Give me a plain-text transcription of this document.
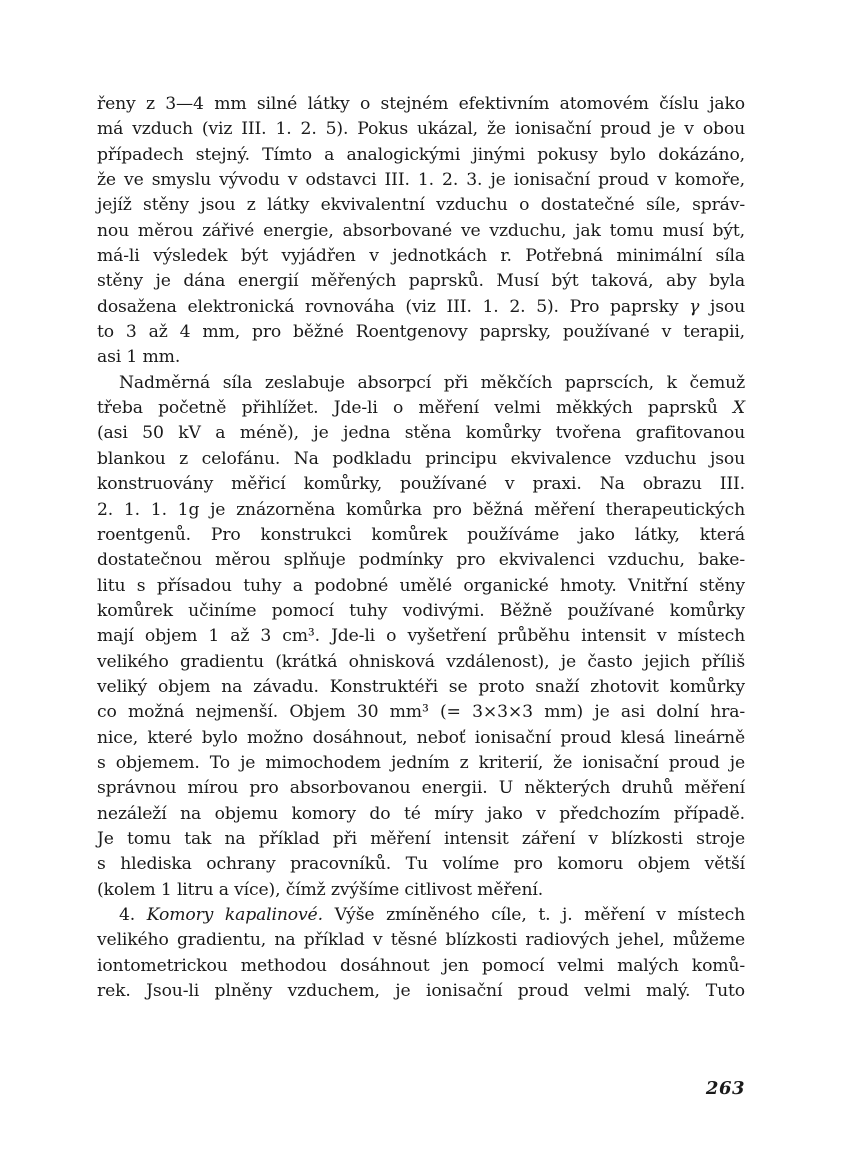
řeny z 3—4 mm silné látky o stejném efektivním atomovém číslu jako
má vzduch (viz III. 1. 2. 5). Pokus ukázal, že ionisační proud je v obou
případech stejný. Tímto a analogickými jinými pokusy bylo dokázáno,
že ve smyslu vývodu v odstavci III. 1. 2. 3. je ionisační proud v komoře,
jejíž stěny jsou z látky ekvivalentní vzduchu o dostatečné síle, správ-
nou měrou zářivé energie, absorbované ve vzduchu, jak tomu musí být,
má-li výsledek být vyjádřen v jednotkách r. Potřebná minimální síla
stěny je dána energií měřených paprsků. Musí být taková, aby byla
dosažena elektronická rovnováha (viz III. 1. 2. 5). Pro paprsky γ jsou
to 3 až 4 mm, pro běžné Roentgenovy paprsky, používané v terapii,
asi 1 mm.
Nadměrná síla zeslabuje absorpcí při měkčích paprscích, k čemuž
třeba početně přihlížet. Jde-li o měření velmi měkkých paprsků X
(asi 50 kV a méně), je jedna stěna komůrky tvořena grafitovanou
blankou z celofánu. Na podkladu principu ekvivalence vzduchu jsou
konstruovány měřicí komůrky, používané v praxi. Na obrazu III.
2. 1. 1. 1g je znázorněna komůrka pro běžná měření therapeutických
roentgenů. Pro konstrukci komůrek používáme jako látky, která
dostatečnou měrou splňuje podmínky pro ekvivalenci vzduchu, bake-
litu s přísadou tuhy a podobné umělé organické hmoty. Vnitřní stěny
komůrek učiníme pomocí tuhy vodivými. Běžně používané komůrky
mají objem 1 až 3 cm³. Jde-li o vyšetření průběhu intensit v místech
velikého gradientu (krátká ohnisková vzdálenost), je často jejich příliš
veliký objem na závadu. Konstruktéři se proto snaží zhotovit komůrky
co možná nejmenší. Objem 30 mm³ (= 3×3×3 mm) je asi dolní hra-
nice, které bylo možno dosáhnout, neboť ionisační proud klesá lineárně
s objemem. To je mimochodem jedním z kriterií, že ionisační proud je
správnou mírou pro absorbovanou energii. U některých druhů měření
nezáleží na objemu komory do té míry jako v předchozím případě.
Je tomu tak na příklad při měření intensit záření v blízkosti stroje
s hlediska ochrany pracovníků. Tu volíme pro komoru objem větší
(kolem 1 litru a více), čímž zvýšíme citlivost měření.
4. Komory kapalinové. Výše zmíněného cíle, t. j. měření v místech
velikého gradientu, na příklad v těsné blízkosti radiových jehel, můžeme
iontometrickou methodou dosáhnout jen pomocí velmi malých komů-
rek. Jsou-li plněny vzduchem, je ionisační proud velmi malý. Tuto
263
